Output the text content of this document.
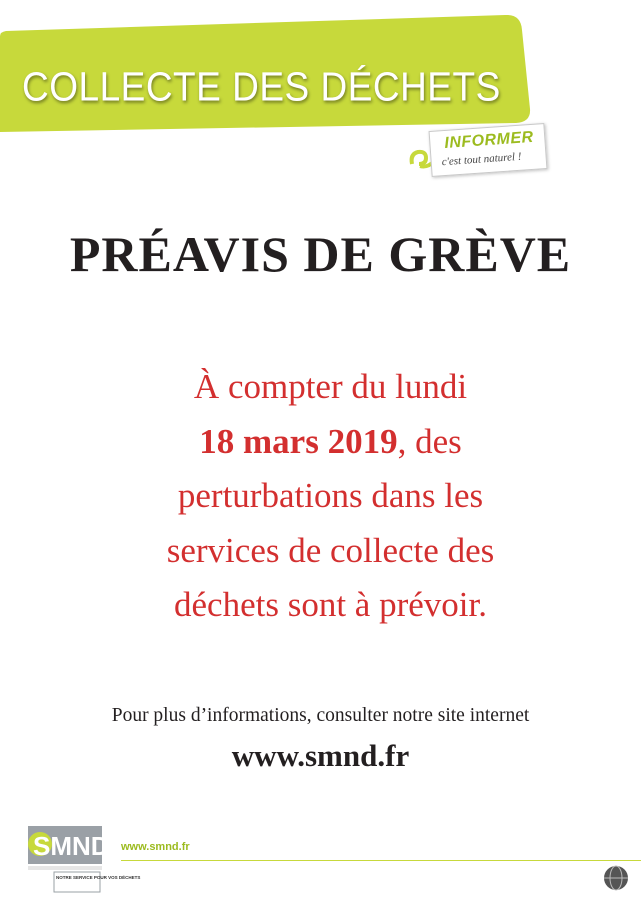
COLLECTE DES DÉCHETS
INFORMER
c'est tout naturel !
PRÉAVIS DE GRÈVE
À compter du lundi
18 mars 2019, des
perturbations dans les
services de collecte des
déchets sont à prévoir.
Pour plus d’informations, consulter notre site internet
www.smnd.fr
SMND
NOTRE SERVICE POUR VOS DÉCHETS
www.smnd.fr
